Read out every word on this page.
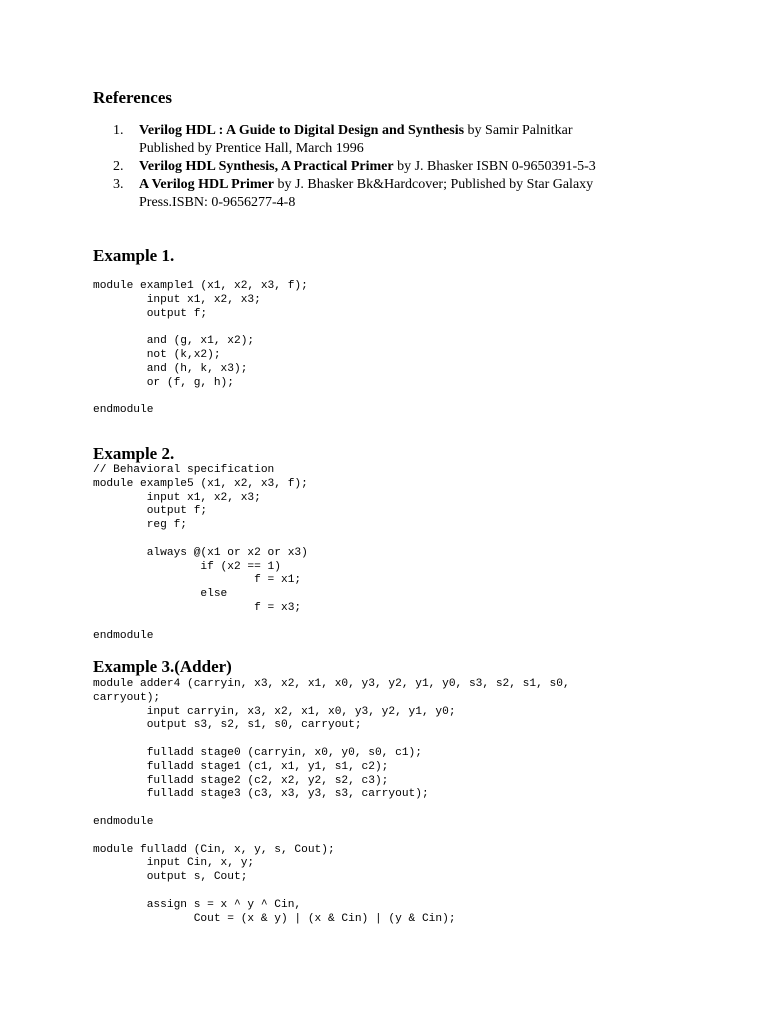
References
1. Verilog HDL : A Guide to Digital Design and Synthesis by Samir Palnitkar
Published by Prentice Hall, March 1996
2. Verilog HDL Synthesis, A Practical Primer by J. Bhasker ISBN 0-9650391-5-3
3. A Verilog HDL Primer by J. Bhasker Bk&Hardcover; Published by Star Galaxy
Press.ISBN: 0-9656277-4-8
Example 1.
module example1 (x1, x2, x3, f);
input x1, x2, x3;
output f;

and (g, x1, x2);
not (k,x2);
and (h, k, x3);
or (f, g, h);

endmodule
Example 2.
// Behavioral specification
module example5 (x1, x2, x3, f);
input x1, x2, x3;
output f;
reg f;

always @(x1 or x2 or x3)
if (x2 == 1)
f = x1;
else
f = x3;

endmodule
Example 3.(Adder)
module adder4 (carryin, x3, x2, x1, x0, y3, y2, y1, y0, s3, s2, s1, s0,
carryout);
input carryin, x3, x2, x1, x0, y3, y2, y1, y0;
output s3, s2, s1, s0, carryout;

fulladd stage0 (carryin, x0, y0, s0, c1);
fulladd stage1 (c1, x1, y1, s1, c2);
fulladd stage2 (c2, x2, y2, s2, c3);
fulladd stage3 (c3, x3, y3, s3, carryout);

endmodule

module fulladd (Cin, x, y, s, Cout);
input Cin, x, y;
output s, Cout;

assign s = x ^ y ^ Cin,
Cout = (x & y) | (x & Cin) | (y & Cin);
